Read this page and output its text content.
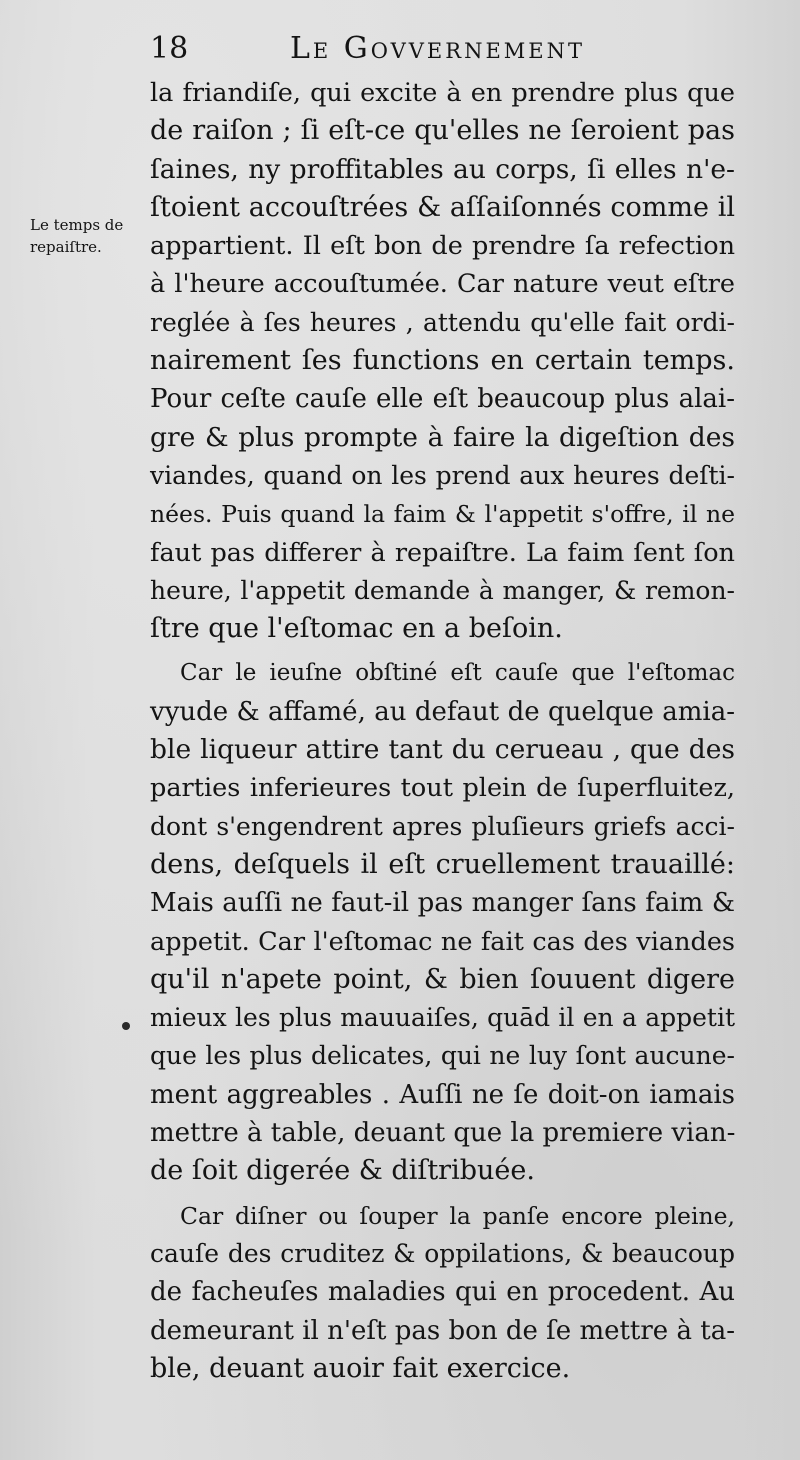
18	Le Govvernement
Le temps de
repaiſtre.
la friandiſe, qui excite à en prendre plus que
de raiſon ; ſi eſt-ce qu'elles ne ſeroient pas
ſaines, ny proffitables au corps, ſi elles n'e-
ſtoient accouſtrées & aſſaiſonnés comme il
appartient. Il eſt bon de prendre ſa refection
à l'heure accouſtumée. Car nature veut eſtre
reglée à ſes heures , attendu qu'elle fait ordi-
nairement ſes functions en certain temps.
Pour ceſte cauſe elle eſt beaucoup plus alai-
gre & plus prompte à faire la digeſtion des
viandes, quand on les prend aux heures deſti-
nées. Puis quand la faim & l'appetit s'offre, il ne
faut pas differer à repaiſtre. La faim ſent ſon
heure, l'appetit demande à manger, & remon-
ſtre que l'eſtomac en a beſoin.
Car le ieuſne obſtiné eſt cauſe que l'eſtomac
vyude & affamé, au defaut de quelque amia-
ble liqueur attire tant du cerueau , que des
parties inferieures tout plein de ſuperfluitez,
dont s'engendrent apres pluſieurs griefs acci-
dens, deſquels il eſt cruellement trauaillé:
Mais auſſi ne faut-il pas manger ſans faim &
appetit. Car l'eſtomac ne fait cas des viandes
qu'il n'apete point, & bien ſouuent digere
mieux les plus mauuaiſes, quād il en a appetit
que les plus delicates, qui ne luy ſont aucune-
ment aggreables . Auſſi ne ſe doit-on iamais
mettre à table, deuant que la premiere vian-
de ſoit digerée & diſtribuée.
Car diſner ou ſouper la panſe encore pleine,
cauſe des cruditez & oppilations, & beaucoup
de facheuſes maladies qui en procedent. Au
demeurant il n'eſt pas bon de ſe mettre à ta-
ble, deuant auoir fait exercice.
